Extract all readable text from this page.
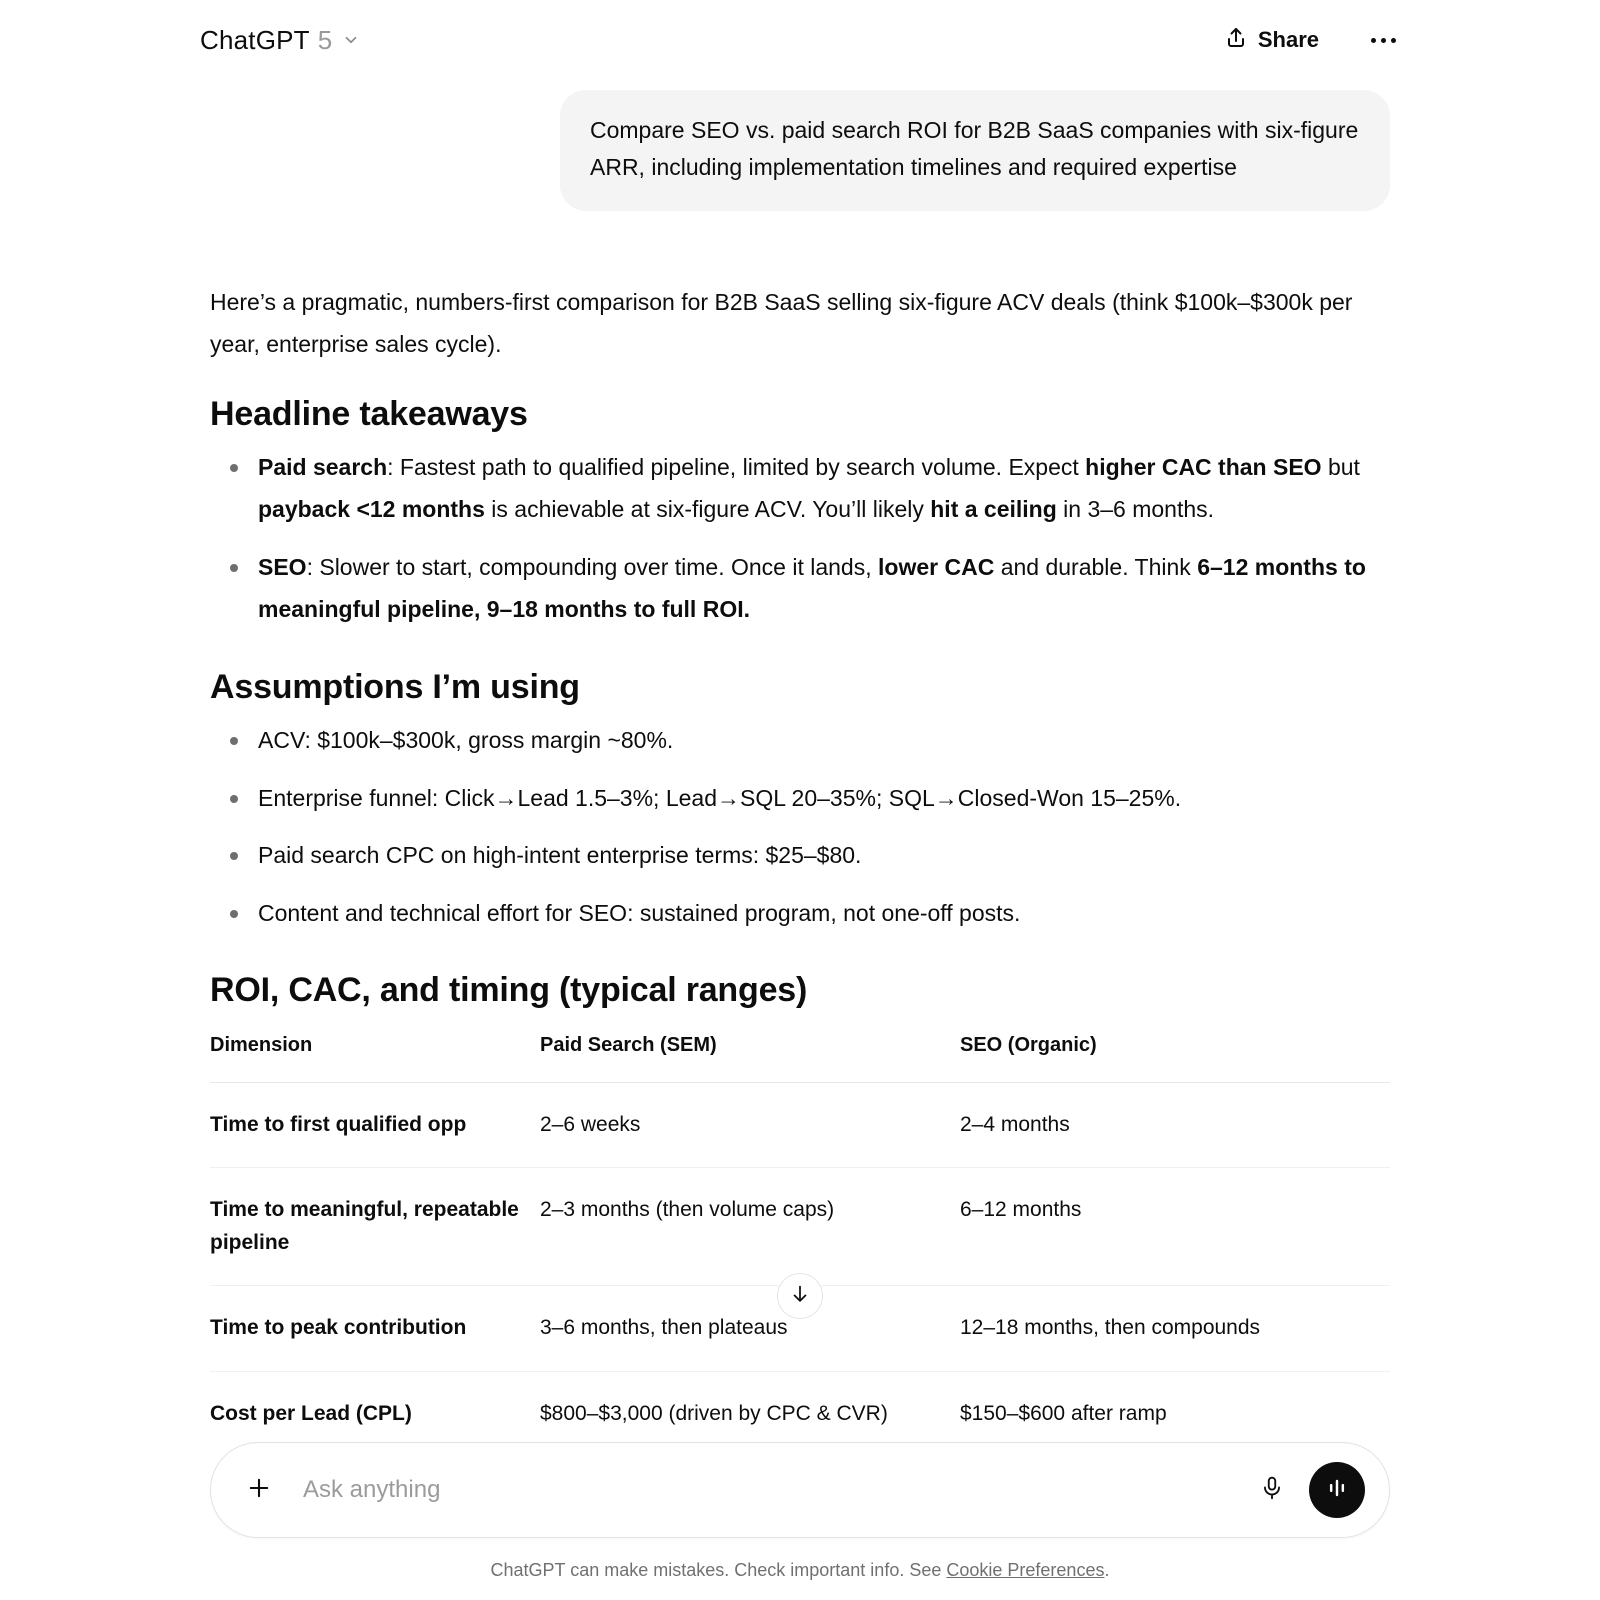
ChatGPT 5	Share
Compare SEO vs. paid search ROI for B2B SaaS companies with six-figure ARR, including implementation timelines and required expertise

Here’s a pragmatic, numbers-first comparison for B2B SaaS selling six-figure ACV deals (think $100k–$300k per year, enterprise sales cycle).

Headline takeaways
Paid search: Fastest path to qualified pipeline, limited by search volume. Expect higher CAC than SEO but payback <12 months is achievable at six-figure ACV. You’ll likely hit a ceiling in 3–6 months.
SEO: Slower to start, compounding over time. Once it lands, lower CAC and durable. Think 6–12 months to meaningful pipeline, 9–18 months to full ROI.
Assumptions I’m using
ACV: $100k–$300k, gross margin ~80%.
Enterprise funnel: Click→Lead 1.5–3%; Lead→SQL 20–35%; SQL→Closed-Won 15–25%.
Paid search CPC on high-intent enterprise terms: $25–$80.
Content and technical effort for SEO: sustained program, not one-off posts.
ROI, CAC, and timing (typical ranges)
Dimension	Paid Search (SEM)	SEO (Organic)
Time to first qualified opp	2–6 weeks	2–4 months
Time to meaningful, repeatable pipeline	2–3 months (then volume caps)	6–12 months
Time to peak contribution	3–6 months, then plateaus	12–18 months, then compounds
Cost per Lead (CPL)	$800–$3,000 (driven by CPC & CVR)	$150–$600 after ramp

Ask anything
ChatGPT can make mistakes. Check important info. See Cookie Preferences.
